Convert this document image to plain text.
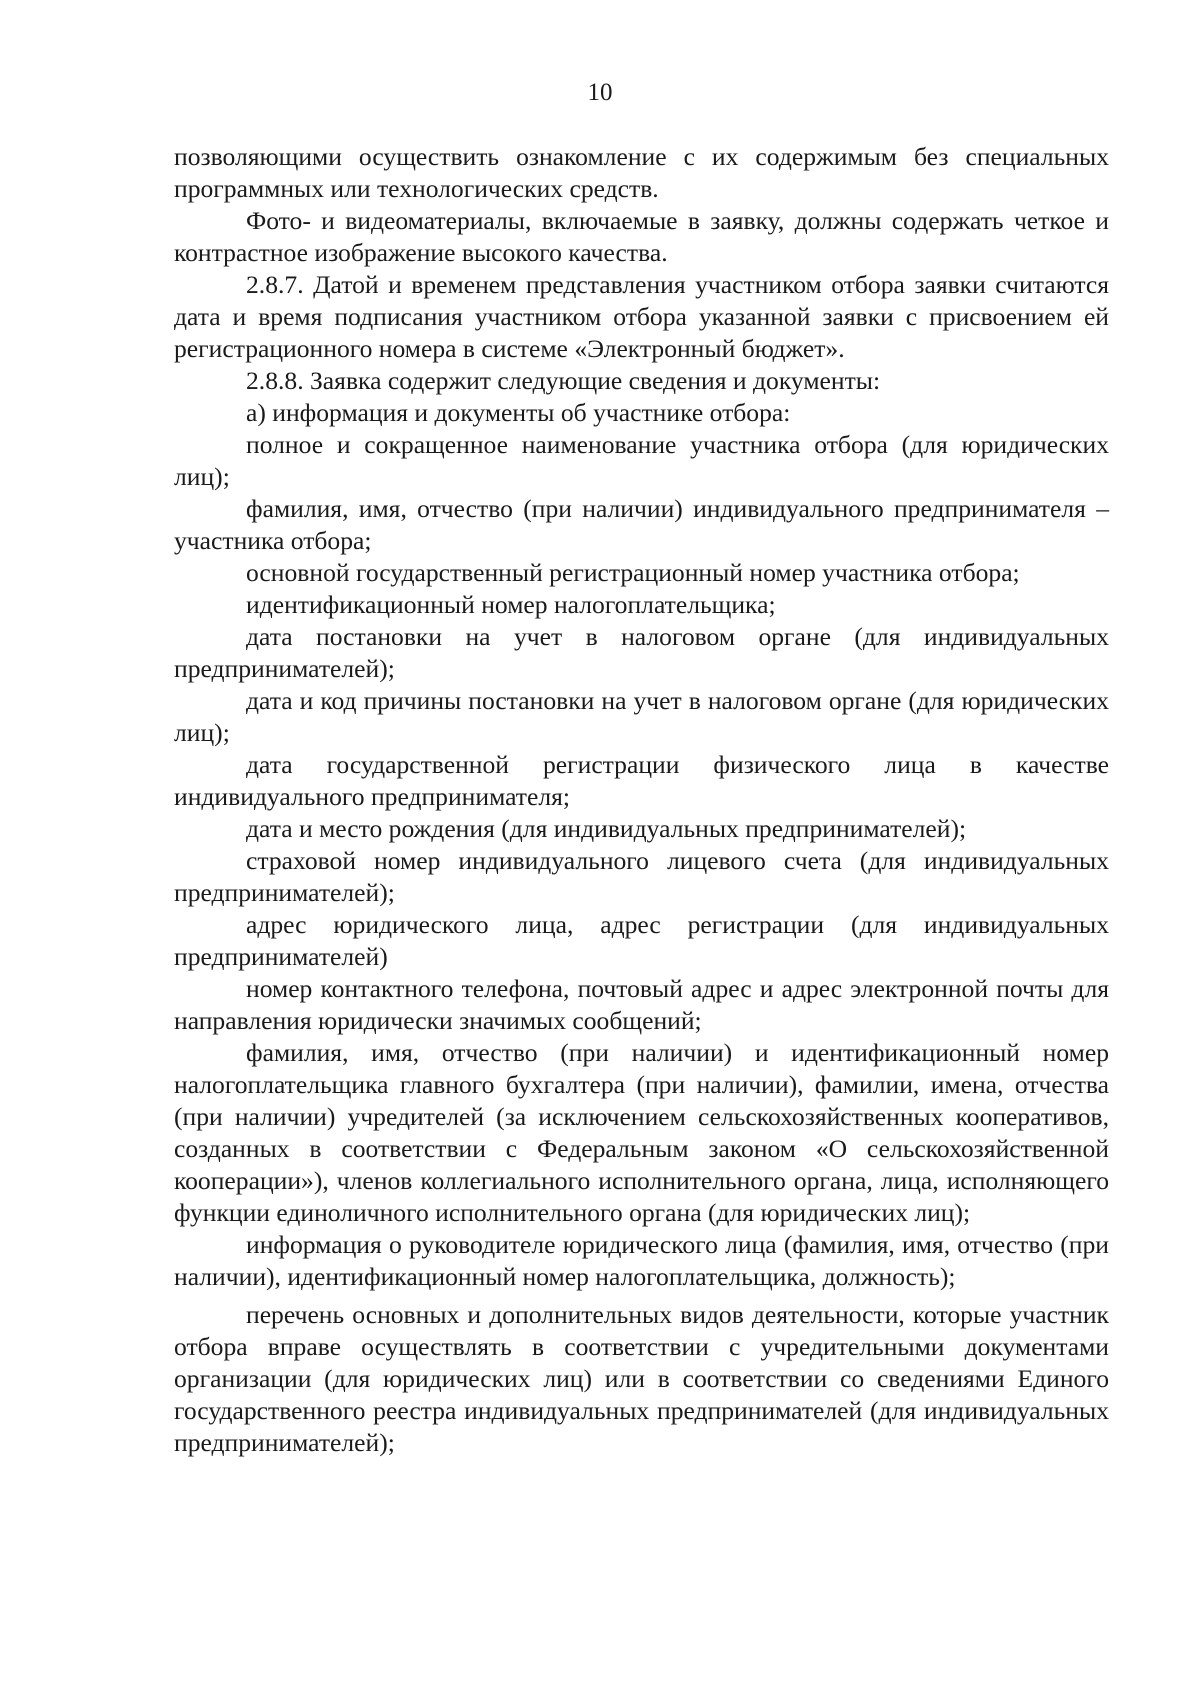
10

позволяющими осуществить ознакомление с их содержимым без специальных программных или технологических средств.

Фото- и видеоматериалы, включаемые в заявку, должны содержать четкое и контрастное изображение высокого качества.

2.8.7. Датой и временем представления участником отбора заявки считаются дата и время подписания участником отбора указанной заявки с присвоением ей регистрационного номера в системе «Электронный бюджет».

2.8.8. Заявка содержит следующие сведения и документы:

а) информация и документы об участнике отбора:

полное и сокращенное наименование участника отбора (для юридических лиц);

фамилия, имя, отчество (при наличии) индивидуального предпринимателя – участника отбора;

основной государственный регистрационный номер участника отбора;

идентификационный номер налогоплательщика;

дата постановки на учет в налоговом органе (для индивидуальных предпринимателей);

дата и код причины постановки на учет в налоговом органе (для юридических лиц);

дата государственной регистрации физического лица в качестве индивидуального предпринимателя;

дата и место рождения (для индивидуальных предпринимателей);

страховой номер индивидуального лицевого счета (для индивидуальных предпринимателей);

адрес юридического лица, адрес регистрации (для индивидуальных предпринимателей)

номер контактного телефона, почтовый адрес и адрес электронной почты для направления юридически значимых сообщений;

фамилия, имя, отчество (при наличии) и идентификационный номер налогоплательщика главного бухгалтера (при наличии), фамилии, имена, отчества (при наличии) учредителей (за исключением сельскохозяйственных кооперативов, созданных в соответствии с Федеральным законом «О сельскохозяйственной кооперации»), членов коллегиального исполнительного органа, лица, исполняющего функции единоличного исполнительного органа (для юридических лиц);

информация о руководителе юридического лица (фамилия, имя, отчество (при наличии), идентификационный номер налогоплательщика, должность);

перечень основных и дополнительных видов деятельности, которые участник отбора вправе осуществлять в соответствии с учредительными документами организации (для юридических лиц) или в соответствии со сведениями Единого государственного реестра индивидуальных предпринимателей (для индивидуальных предпринимателей);
